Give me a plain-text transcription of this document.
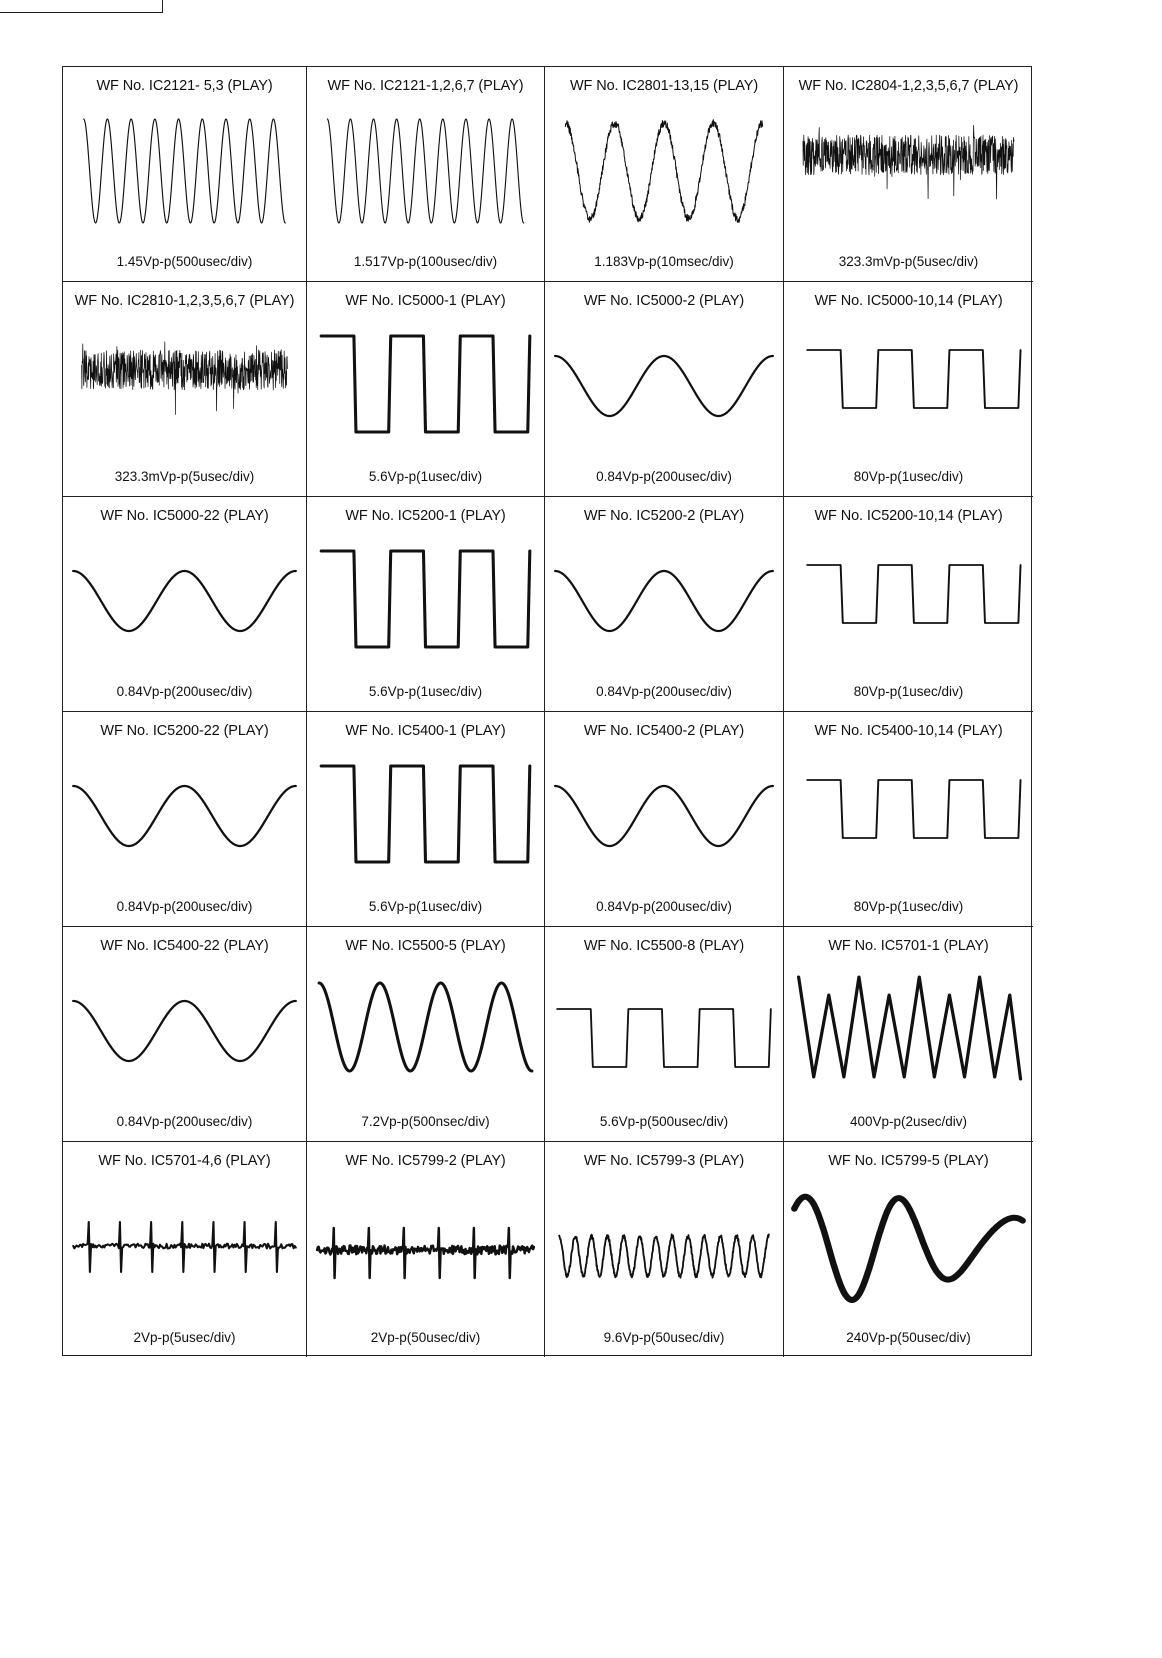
WF No. IC2121- 5,3 (PLAY)
1.45Vp-p(500usec/div)
WF No. IC2121-1,2,6,7 (PLAY)
1.517Vp-p(100usec/div)
WF No. IC2801-13,15 (PLAY)
1.183Vp-p(10msec/div)
WF No. IC2804-1,2,3,5,6,7 (PLAY)
323.3mVp-p(5usec/div)
WF No. IC2810-1,2,3,5,6,7 (PLAY)
323.3mVp-p(5usec/div)
WF No. IC5000-1 (PLAY)
5.6Vp-p(1usec/div)
WF No. IC5000-2 (PLAY)
0.84Vp-p(200usec/div)
WF No. IC5000-10,14 (PLAY)
80Vp-p(1usec/div)
WF No. IC5000-22 (PLAY)
0.84Vp-p(200usec/div)
WF No. IC5200-1 (PLAY)
5.6Vp-p(1usec/div)
WF No. IC5200-2 (PLAY)
0.84Vp-p(200usec/div)
WF No. IC5200-10,14 (PLAY)
80Vp-p(1usec/div)
WF No. IC5200-22 (PLAY)
0.84Vp-p(200usec/div)
WF No. IC5400-1 (PLAY)
5.6Vp-p(1usec/div)
WF No. IC5400-2 (PLAY)
0.84Vp-p(200usec/div)
WF No. IC5400-10,14 (PLAY)
80Vp-p(1usec/div)
WF No. IC5400-22 (PLAY)
0.84Vp-p(200usec/div)
WF No. IC5500-5 (PLAY)
7.2Vp-p(500nsec/div)
WF No. IC5500-8 (PLAY)
5.6Vp-p(500usec/div)
WF No. IC5701-1 (PLAY)
400Vp-p(2usec/div)
WF No. IC5701-4,6 (PLAY)
2Vp-p(5usec/div)
WF No. IC5799-2 (PLAY)
2Vp-p(50usec/div)
WF No. IC5799-3 (PLAY)
9.6Vp-p(50usec/div)
WF No. IC5799-5 (PLAY)
240Vp-p(50usec/div)
